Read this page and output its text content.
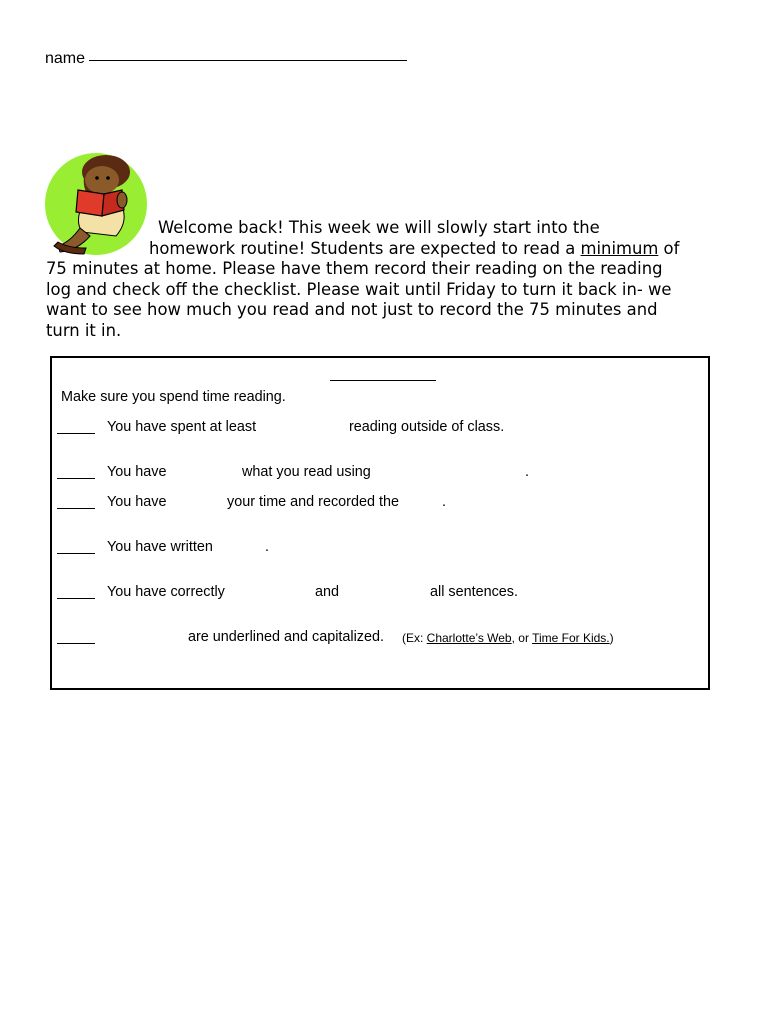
name
Welcome back! This week we will slowly start into the
homework routine! Students are expected to read a minimum of
75 minutes at home. Please have them record their reading on the reading
log and check off the checklist. Please wait until Friday to turn it back in- we
want to see how much you read and not just to record the 75 minutes and
turn it in.
Make sure you spend time reading.
You have spent at least	reading outside of class.
You have	what you read using	.
You have	your time and recorded the	.
You have written	.
You have correctly	and	all sentences.
are underlined and capitalized. (Ex: Charlotte’s Web, or Time For Kids.)
